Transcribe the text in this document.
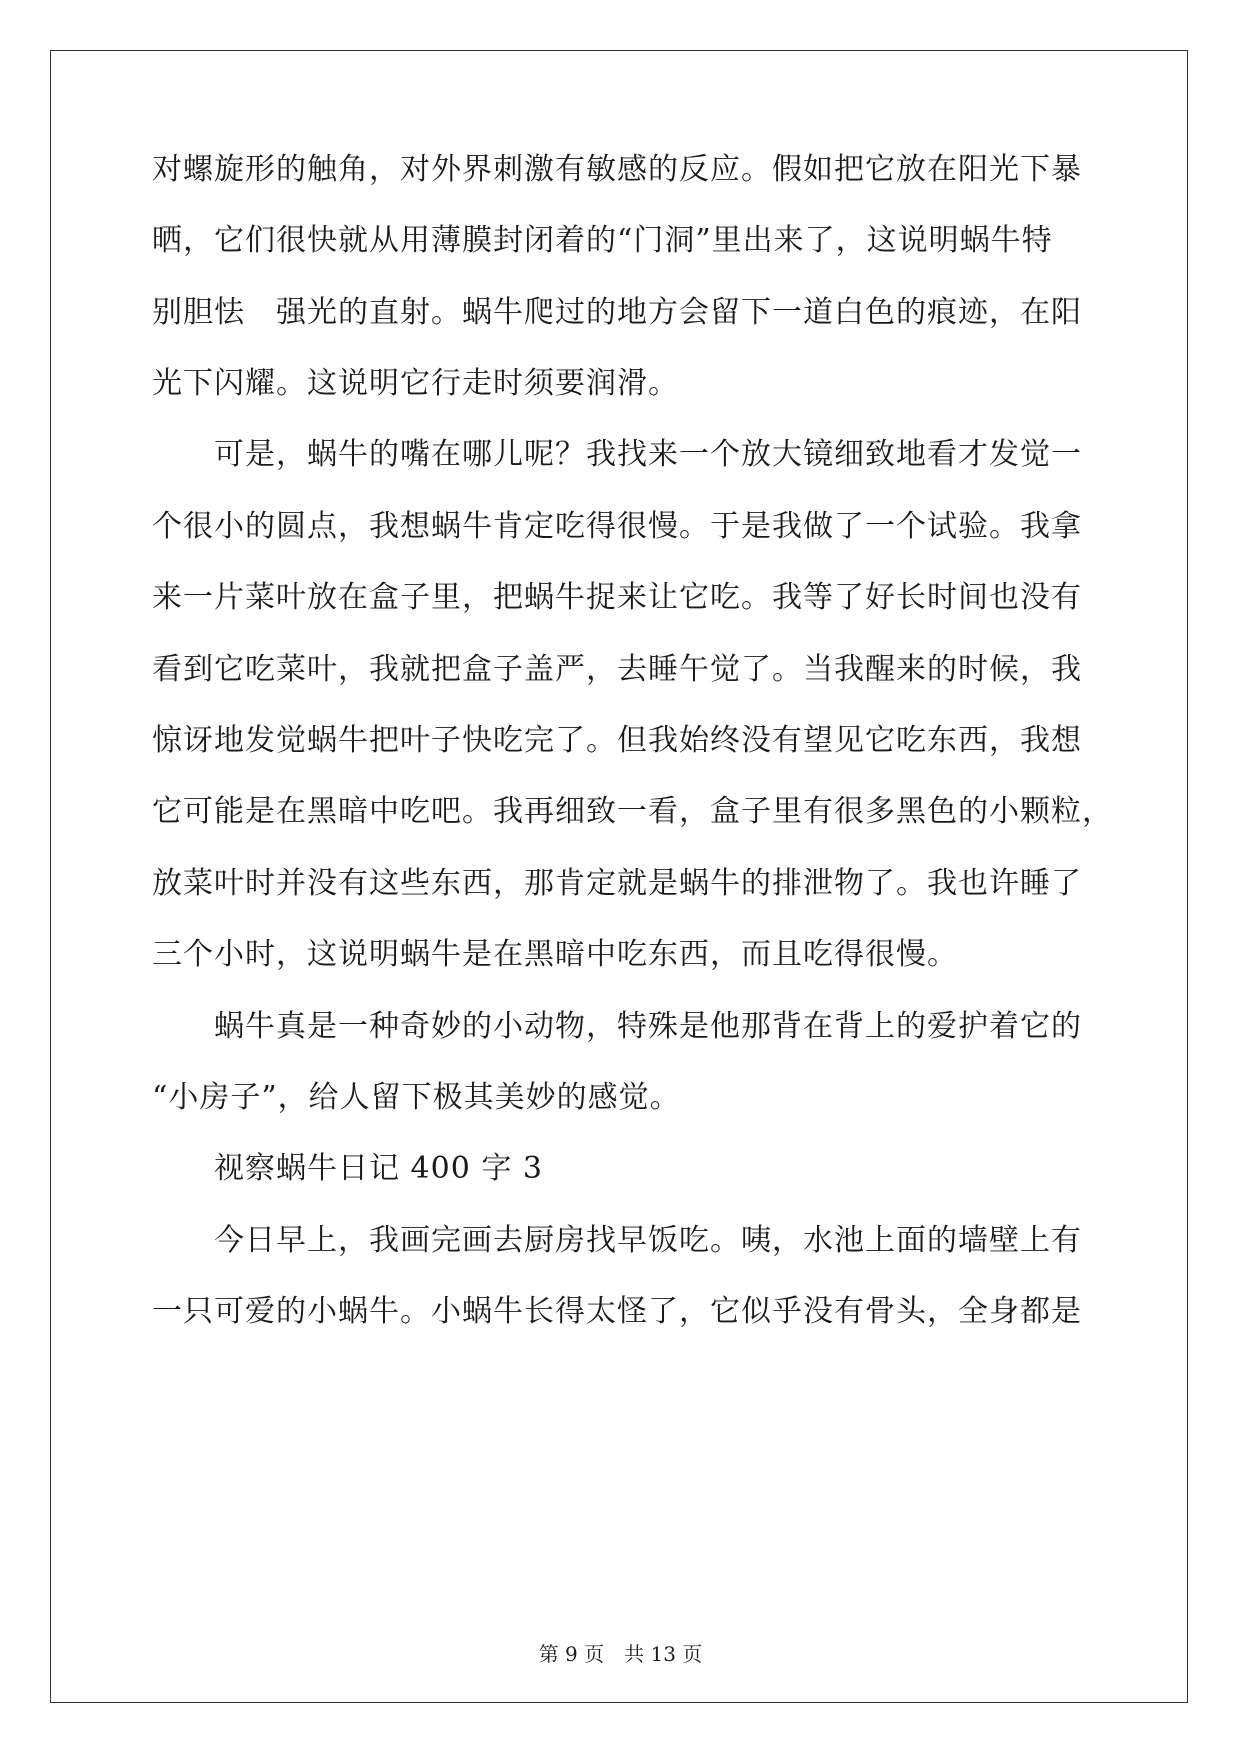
对螺旋形的触角，对外界刺激有敏感的反应。假如把它放在阳光下暴
晒，它们很快就从用薄膜封闭着的“门洞”里出来了，这说明蜗牛特
别胆怯　强光的直射。蜗牛爬过的地方会留下一道白色的痕迹，在阳
光下闪耀。这说明它行走时须要润滑。
　　可是，蜗牛的嘴在哪儿呢？我找来一个放大镜细致地看才发觉一
个很小的圆点，我想蜗牛肯定吃得很慢。于是我做了一个试验。我拿
来一片菜叶放在盒子里，把蜗牛捉来让它吃。我等了好长时间也没有
看到它吃菜叶，我就把盒子盖严，去睡午觉了。当我醒来的时候，我
惊讶地发觉蜗牛把叶子快吃完了。但我始终没有望见它吃东西，我想
它可能是在黑暗中吃吧。我再细致一看，盒子里有很多黑色的小颗粒，
放菜叶时并没有这些东西，那肯定就是蜗牛的排泄物了。我也许睡了
三个小时，这说明蜗牛是在黑暗中吃东西，而且吃得很慢。
　　蜗牛真是一种奇妙的小动物，特殊是他那背在背上的爱护着它的
“小房子”，给人留下极其美妙的感觉。
　　视察蜗牛日记 400 字 3
　　今日早上，我画完画去厨房找早饭吃。咦，水池上面的墙壁上有
一只可爱的小蜗牛。小蜗牛长得太怪了，它似乎没有骨头，全身都是
第 9 页　共 13 页
